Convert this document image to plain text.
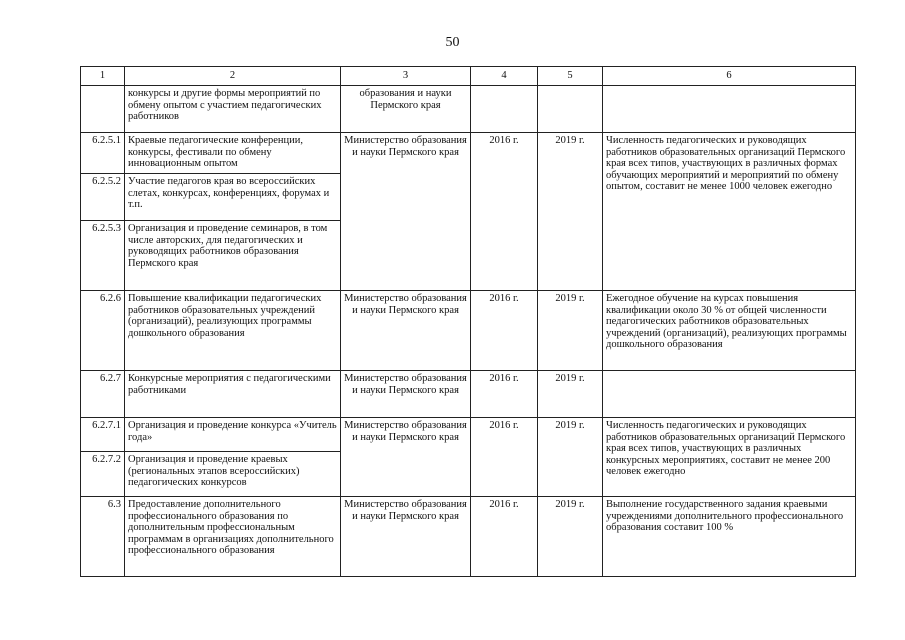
50
1	2	3	4	5	6
	конкурсы и другие формы мероприятий по обмену опытом с участием педагогических работников	образования и науки Пермского края			
6.2.5.1	Краевые педагогические конференции, конкурсы, фестивали по обмену инновационным опытом	Министерство образования и науки Пермского края	2016 г.	2019 г.	Численность педагогических и руководящих работников образовательных организаций Пермского края всех типов, участвующих в различных формах обучающих мероприятий и мероприятий по обмену опытом, составит не менее 1000 человек ежегодно
6.2.5.2	Участие педагогов края во всероссийских слетах, конкурсах, конференциях, форумах и т.п.				
6.2.5.3	Организация и проведение семинаров, в том числе авторских, для педагогических и руководящих работников образования Пермского края				
6.2.6	Повышение квалификации педагогических работников образовательных учреждений (организаций), реализующих программы дошкольного образования	Министерство образования и науки Пермского края	2016 г.	2019 г.	Ежегодное обучение на курсах повышения квалификации около 30 % от общей численности педагогических работников образовательных учреждений (организаций), реализующих программы дошкольного образования
6.2.7	Конкурсные мероприятия с педагогическими работниками	Министерство образования и науки Пермского края	2016 г.	2019 г.	
6.2.7.1	Организация и проведение конкурса «Учитель года»	Министерство образования и науки Пермского края	2016 г.	2019 г.	Численность педагогических и руководящих работников образовательных организаций Пермского края всех типов, участвующих в различных конкурсных мероприятиях, составит не менее 200 человек ежегодно
6.2.7.2	Организация и проведение краевых (региональных этапов всероссийских) педагогических конкурсов				
6.3	Предоставление дополнительного профессионального образования по дополнительным профессиональным программам в организациях дополнительного профессионального образования	Министерство образования и науки Пермского края	2016 г.	2019 г.	Выполнение государственного задания краевыми учреждениями дополнительного профессионального образования составит 100 %
